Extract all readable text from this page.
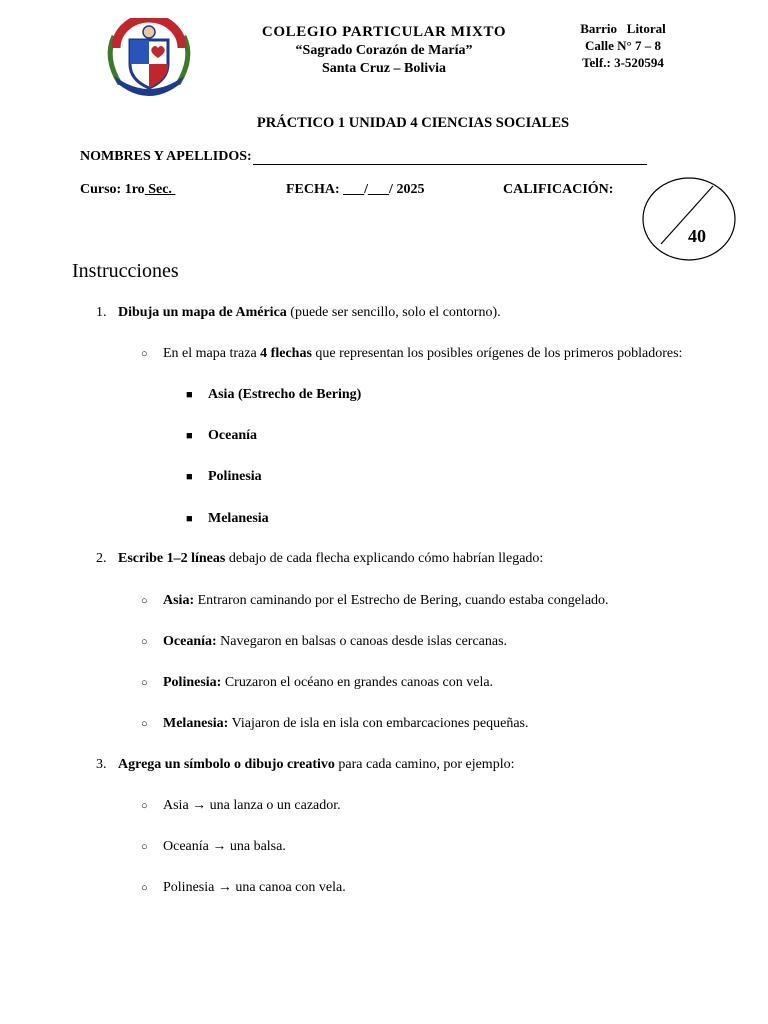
COLEGIO PARTICULAR MIXTO
“Sagrado Corazón de María”
Santa Cruz – Bolivia
Barrio   Litoral
Calle N° 7 – 8
Telf.: 3-520594
PRÁCTICO 1 UNIDAD 4 CIENCIAS SOCIALES
NOMBRES Y APELLIDOS:
Curso: 1ro Sec.	FECHA: ___/___/ 2025	CALIFICACIÓN:
40
Instrucciones
1. Dibuja un mapa de América (puede ser sencillo, solo el contorno).
○ En el mapa traza 4 flechas que representan los posibles orígenes de los primeros pobladores:
■ Asia (Estrecho de Bering)
■ Oceanía
■ Polinesia
■ Melanesia
2. Escribe 1–2 líneas debajo de cada flecha explicando cómo habrían llegado:
○ Asia: Entraron caminando por el Estrecho de Bering, cuando estaba congelado.
○ Oceanía: Navegaron en balsas o canoas desde islas cercanas.
○ Polinesia: Cruzaron el océano en grandes canoas con vela.
○ Melanesia: Viajaron de isla en isla con embarcaciones pequeñas.
3. Agrega un símbolo o dibujo creativo para cada camino, por ejemplo:
○ Asia → una lanza o un cazador.
○ Oceanía → una balsa.
○ Polinesia → una canoa con vela.
